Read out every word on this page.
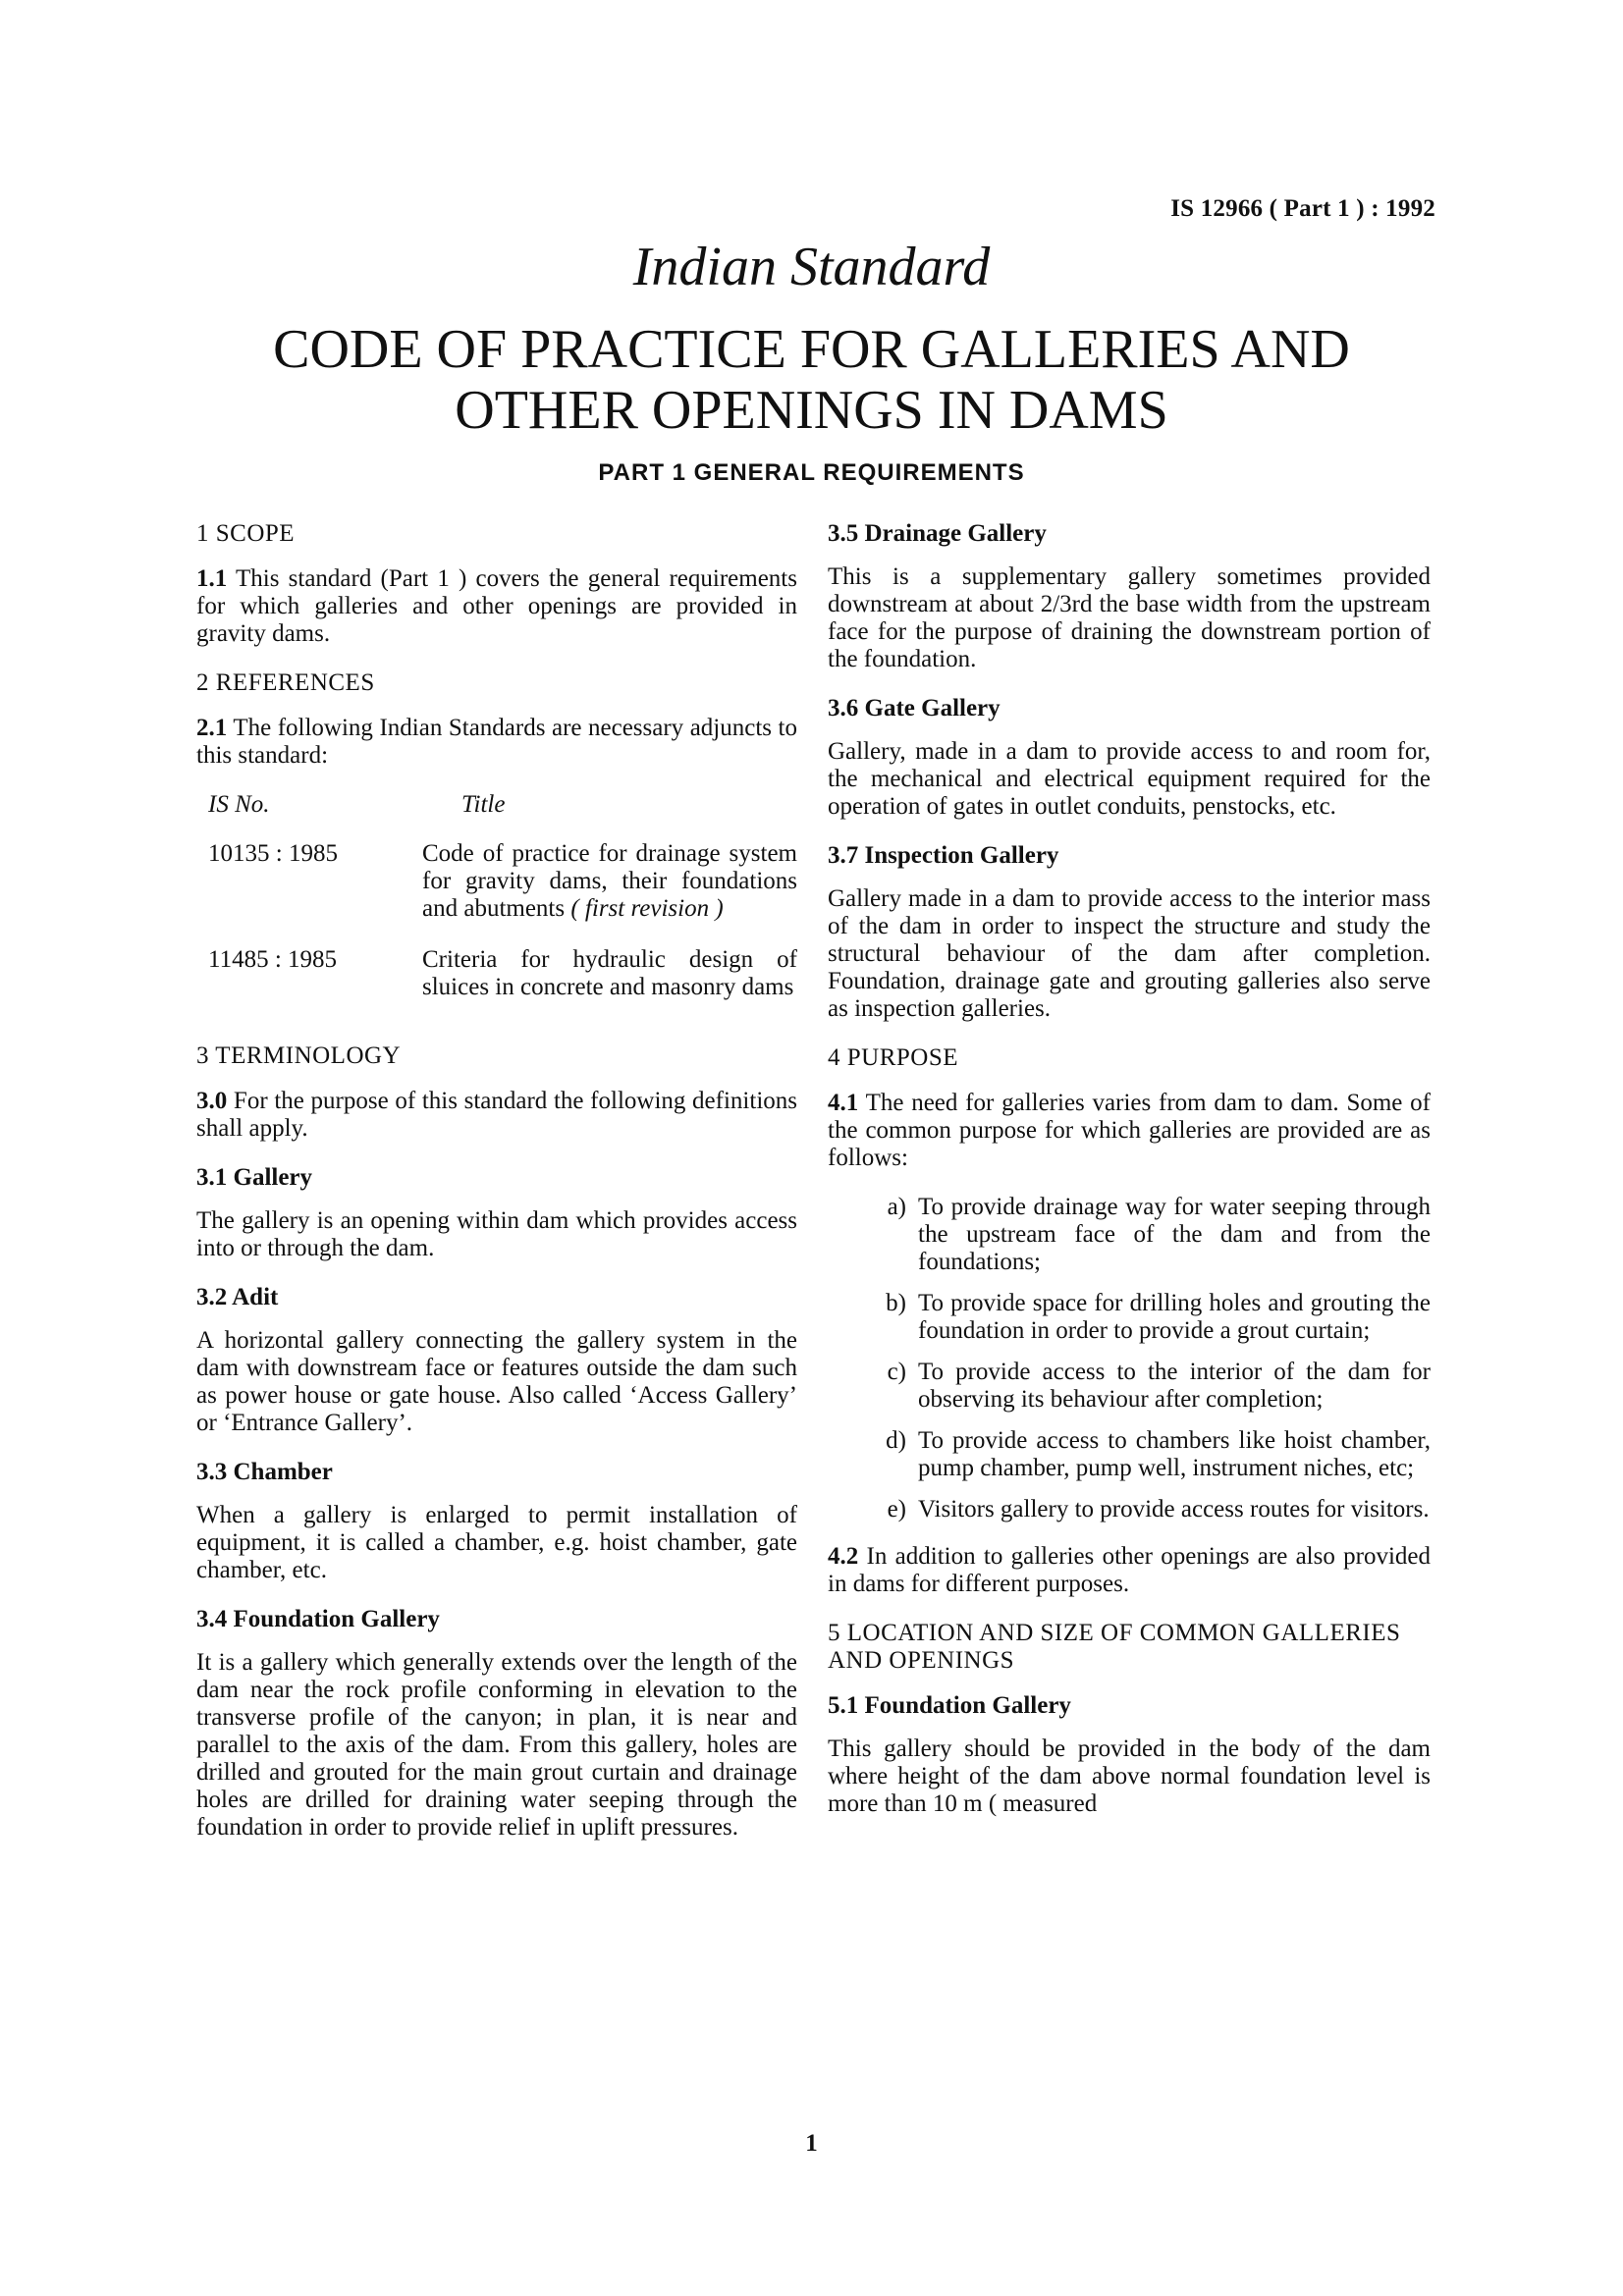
IS 12966 ( Part 1 ) : 1992
Indian Standard
CODE OF PRACTICE FOR GALLERIES AND
OTHER OPENINGS IN DAMS
PART 1 GENERAL REQUIREMENTS
1 SCOPE

1.1 This standard (Part 1 ) covers the general requirements for which galleries and other openings are provided in gravity dams.

2 REFERENCES

2.1 The following Indian Standards are necessary adjuncts to this standard:

IS No.	Title
10135 : 1985	Code of practice for drainage system for gravity dams, their foundations and abutments ( first revision )
11485 : 1985	Criteria for hydraulic design of sluices in concrete and masonry dams
3 TERMINOLOGY

3.0 For the purpose of this standard the following definitions shall apply.

3.1 Gallery

The gallery is an opening within dam which provides access into or through the dam.

3.2 Adit

A horizontal gallery connecting the gallery system in the dam with downstream face or features outside the dam such as power house or gate house. Also called ‘Access Gallery’ or ‘Entrance Gallery’.

3.3 Chamber

When a gallery is enlarged to permit installation of equipment, it is called a chamber, e.g. hoist chamber, gate chamber, etc.

3.4 Foundation Gallery

It is a gallery which generally extends over the length of the dam near the rock profile conforming in elevation to the transverse profile of the canyon; in plan, it is near and parallel to the axis of the dam. From this gallery, holes are drilled and grouted for the main grout curtain and drainage holes are drilled for draining water seeping through the foundation in order to provide relief in uplift pressures.

3.5 Drainage Gallery

This is a supplementary gallery sometimes provided downstream at about 2/3rd the base width from the upstream face for the purpose of draining the downstream portion of the foundation.

3.6 Gate Gallery

Gallery, made in a dam to provide access to and room for, the mechanical and electrical equipment required for the operation of gates in outlet conduits, penstocks, etc.

3.7 Inspection Gallery

Gallery made in a dam to provide access to the interior mass of the dam in order to inspect the structure and study the structural behaviour of the dam after completion. Foundation, drainage gate and grouting galleries also serve as inspection galleries.

4 PURPOSE

4.1 The need for galleries varies from dam to dam. Some of the common purpose for which galleries are provided are as follows:

a) To provide drainage way for water seeping through the upstream face of the dam and from the foundations;
b) To provide space for drilling holes and grouting the foundation in order to provide a grout curtain;
c) To provide access to the interior of the dam for observing its behaviour after completion;
d) To provide access to chambers like hoist chamber, pump chamber, pump well, instrument niches, etc;
e) Visitors gallery to provide access routes for visitors.

4.2 In addition to galleries other openings are also provided in dams for different purposes.

5 LOCATION AND SIZE OF COMMON GALLERIES AND OPENINGS
5.1 Foundation Gallery

This gallery should be provided in the body of the dam where height of the dam above normal foundation level is more than 10 m ( measured

1
